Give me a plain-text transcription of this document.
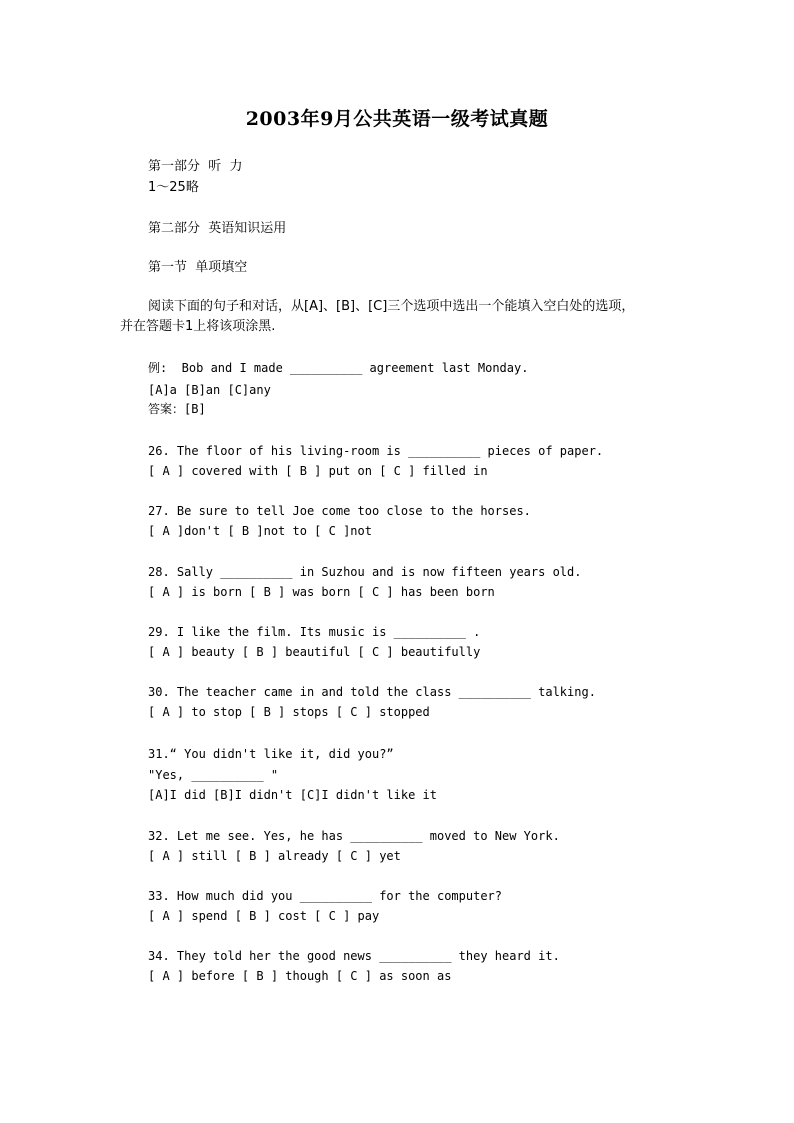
2003年9月公共英语一级考试真题
第一部分  听  力
1～25略
第二部分  英语知识运用
第一节  单项填空
阅读下面的句子和对话，从[A]、[B]、[C]三个选项中选出一个能填入空白处的选项，
并在答题卡1上将该项涂黑.
例:  Bob and I made __________ agreement last Monday.
[A]a [B]an [C]any
答案：[B]
26. The floor of his living-room is __________ pieces of paper.
[ A ] covered with [ B ] put on [ C ] filled in
27. Be sure to tell Joe come too close to the horses.
[ A ]don't [ B ]not to [ C ]not
28. Sally __________ in Suzhou and is now fifteen years old.
[ A ] is born [ B ] was born [ C ] has been born
29. I like the film. Its music is __________ .
[ A ] beauty [ B ] beautiful [ C ] beautifully
30. The teacher came in and told the class __________ talking.
[ A ] to stop [ B ] stops [ C ] stopped
31.“ You didn't like it, did you?”
"Yes, __________ "
[A]I did [B]I didn't [C]I didn't like it
32. Let me see. Yes, he has __________ moved to New York.
[ A ] still [ B ] already [ C ] yet
33. How much did you __________ for the computer?
[ A ] spend [ B ] cost [ C ] pay
34. They told her the good news __________ they heard it.
[ A ] before [ B ] though [ C ] as soon as
